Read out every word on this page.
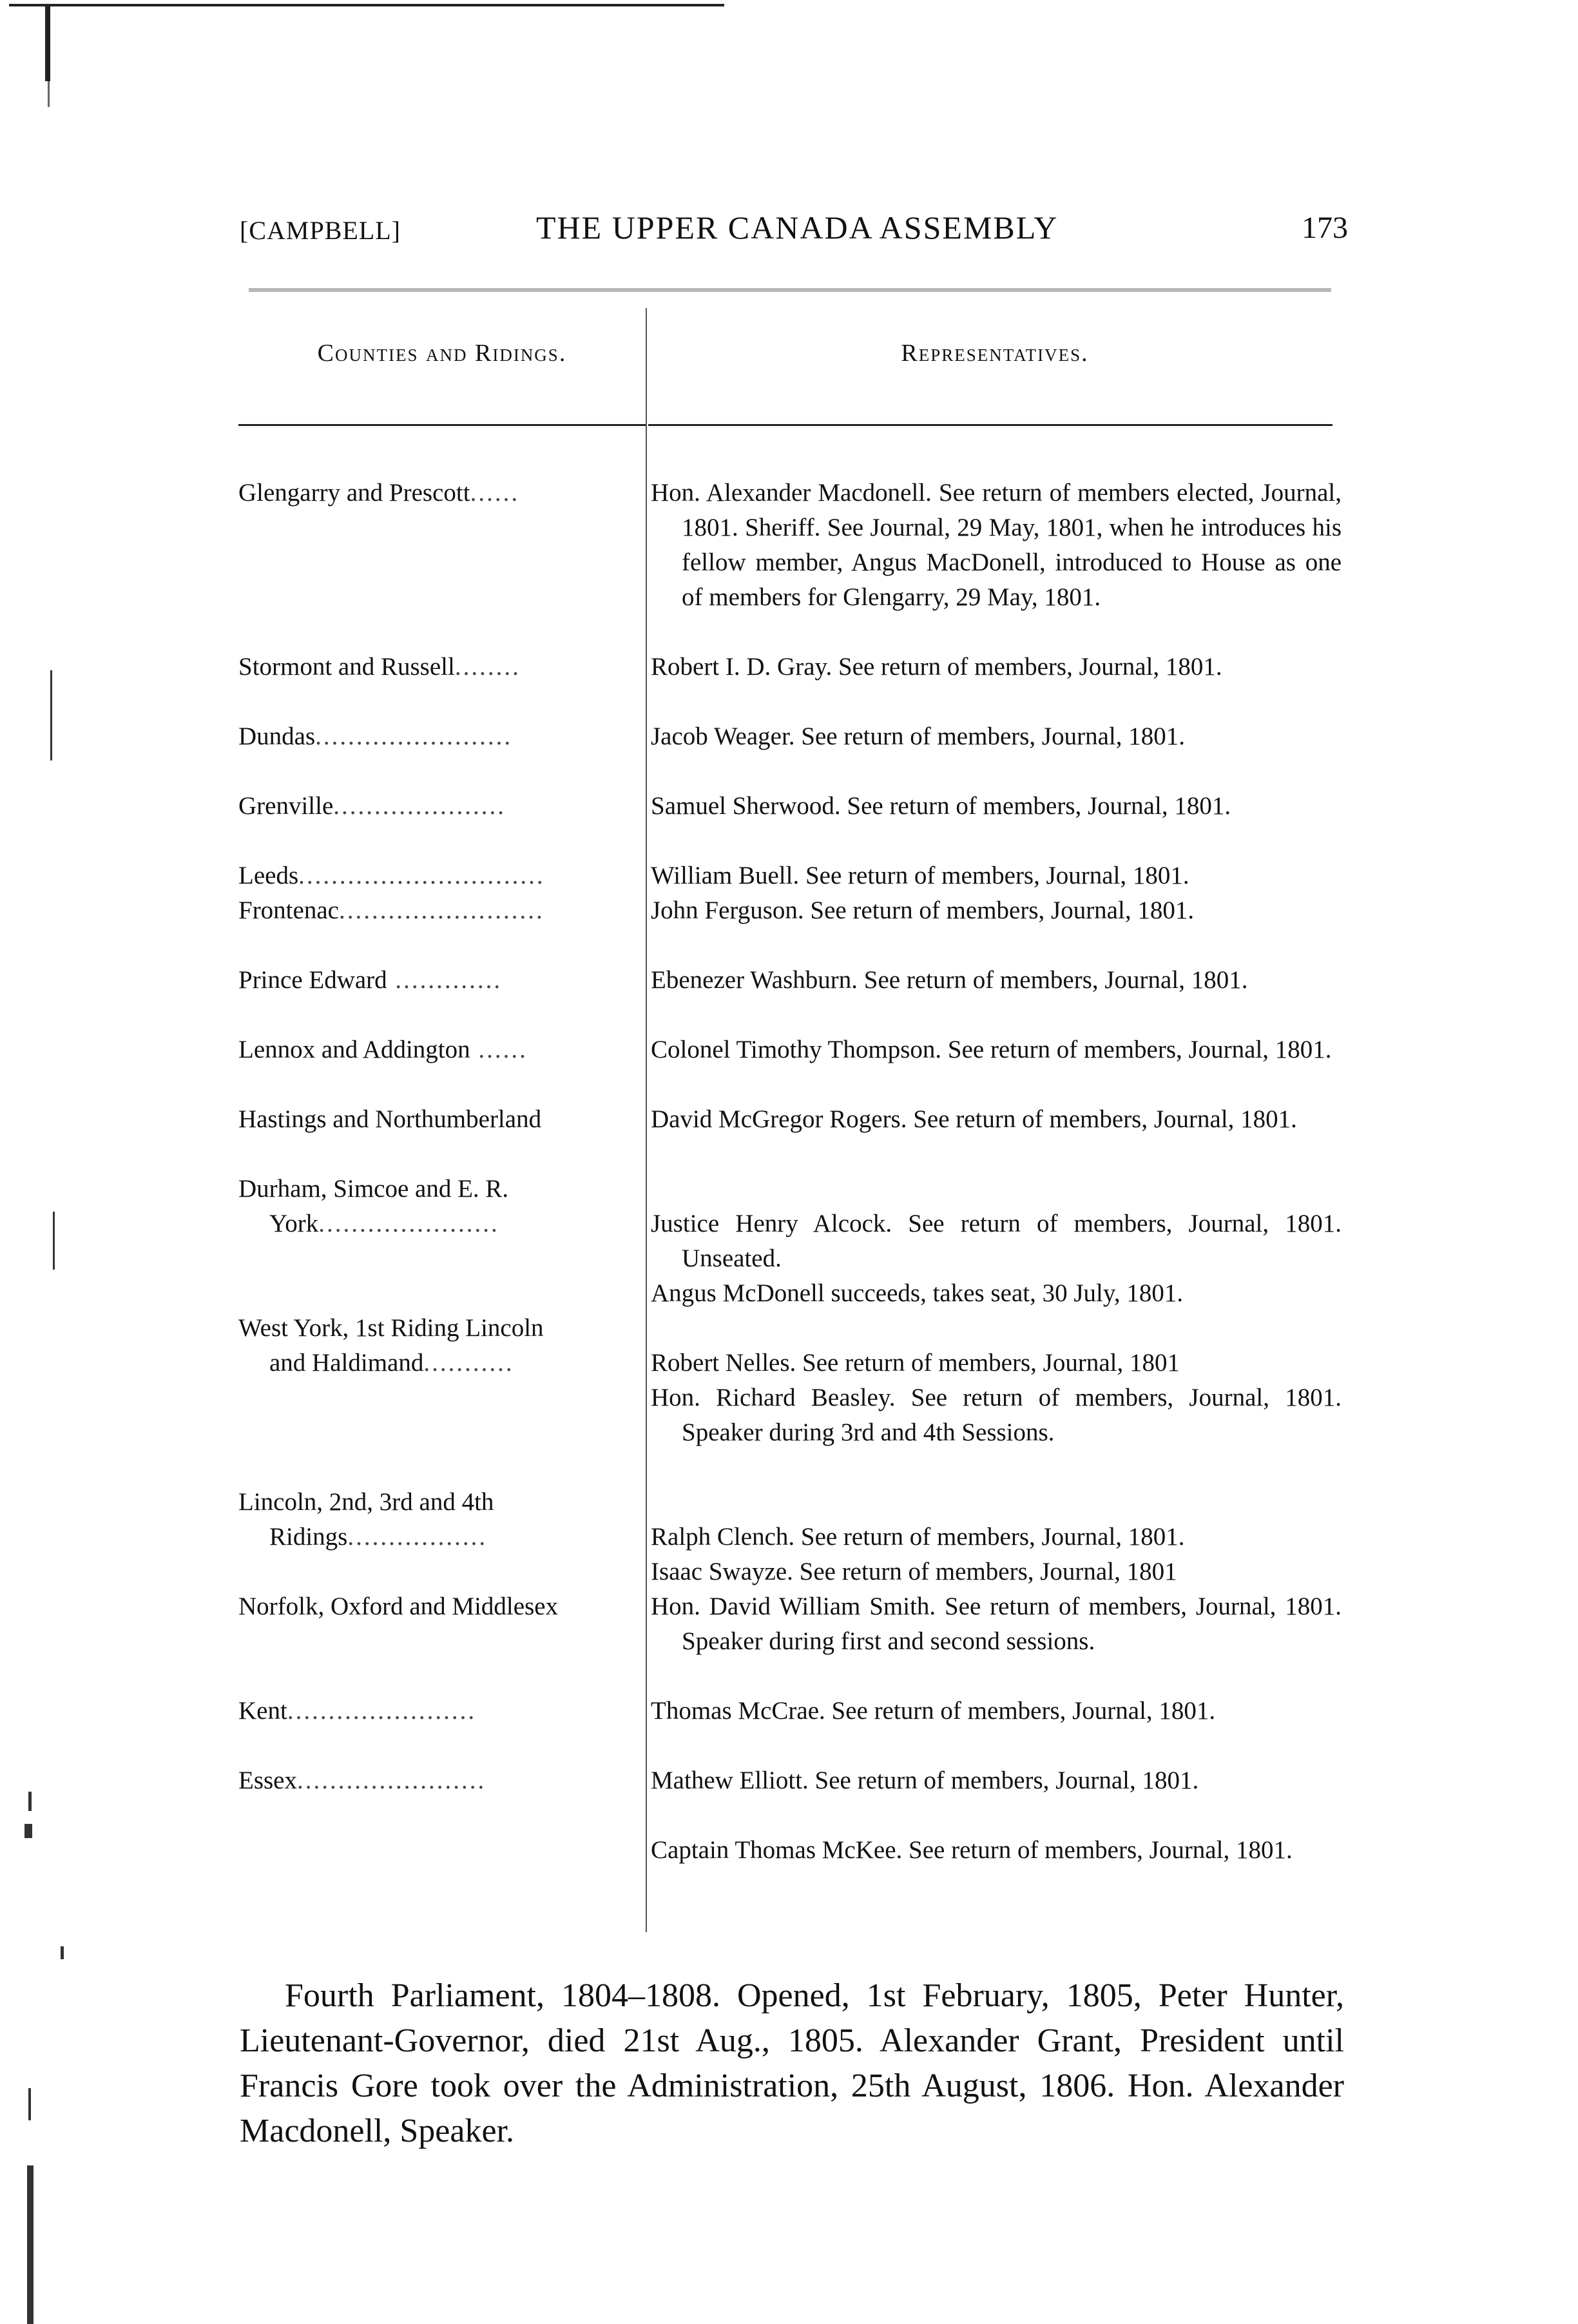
[CAMPBELL]	THE UPPER CANADA ASSEMBLY	173
Counties and Ridings.	Representatives.
Glengarry and Prescott......	Hon. Alexander Macdonell. See return of members elected, Journal, 1801. Sheriff. See Journal, 29 May, 1801, when he introduces his fellow member, Angus MacDonell, introduced to House as one of members for Glengarry, 29 May, 1801.
Stormont and Russell........	Robert I. D. Gray. See return of members, Journal, 1801.
Dundas........................	Jacob Weager. See return of members, Journal, 1801.
Grenville.....................	Samuel Sherwood. See return of members, Journal, 1801.
Leeds..............................	William Buell. See return of members, Journal, 1801.
Frontenac.........................	John Ferguson. See return of members, Journal, 1801.
Prince Edward .............	Ebenezer Washburn. See return of members, Journal, 1801.
Lennox and Addington ......	Colonel Timothy Thompson. See return of members, Journal, 1801.
Hastings and Northumberland	David McGregor Rogers. See return of members, Journal, 1801.
Durham, Simcoe and E. R.
York......................	Justice Henry Alcock. See return of members, Journal, 1801. Unseated.
Angus McDonell succeeds, takes seat, 30 July, 1801.
West York, 1st Riding Lincoln
and Haldimand...........	Robert Nelles. See return of members, Journal, 1801
Hon. Richard Beasley. See return of members, Journal, 1801. Speaker during 3rd and 4th Sessions.
Lincoln, 2nd, 3rd and 4th
Ridings.................	Ralph Clench. See return of members, Journal, 1801.
Isaac Swayze. See return of members, Journal, 1801
Norfolk, Oxford and Middlesex	Hon. David William Smith. See return of members, Journal, 1801. Speaker during first and second sessions.
Kent.......................	Thomas McCrae. See return of members, Journal, 1801.
Essex.......................	Mathew Elliott. See return of members, Journal, 1801.
Captain Thomas McKee. See return of members, Journal, 1801.
Fourth Parliament, 1804–1808. Opened, 1st February, 1805, Peter Hunter, Lieutenant-Governor, died 21st Aug., 1805. Alexander Grant, President until Francis Gore took over the Administration, 25th August, 1806. Hon. Alexander Macdonell, Speaker.
